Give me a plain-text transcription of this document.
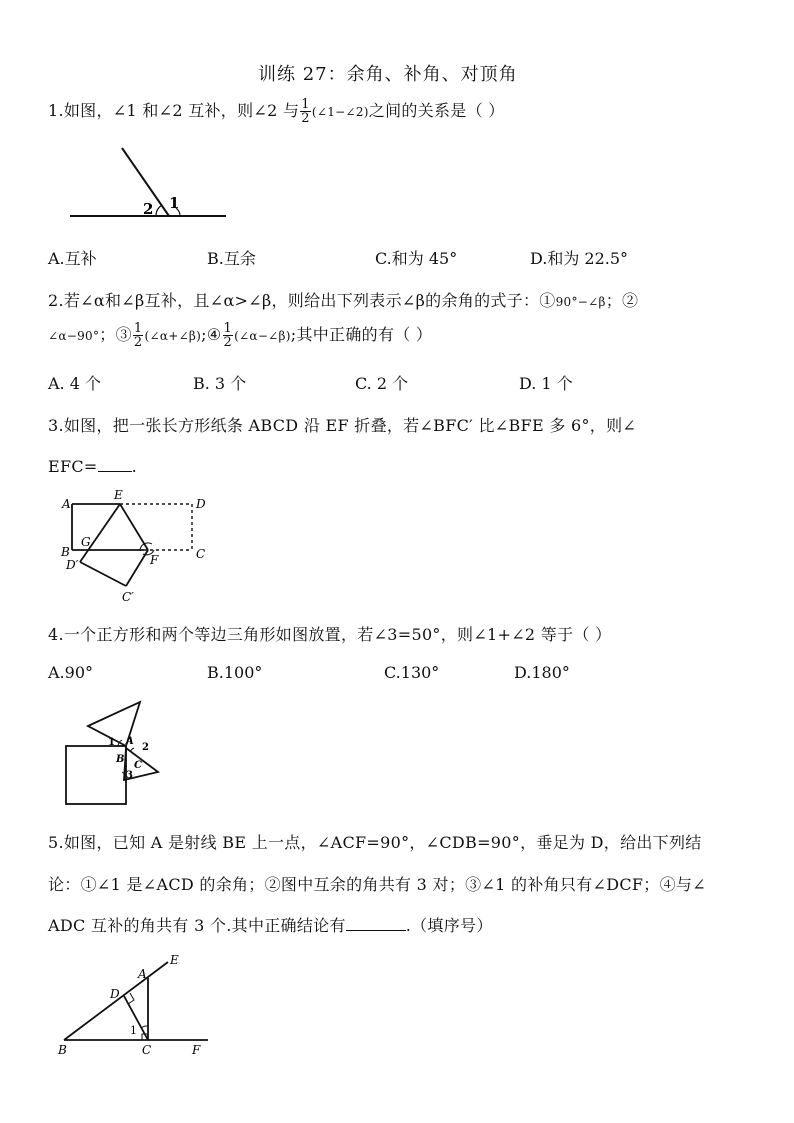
训练 27：余角、补角、对顶角
1.如图，∠1 和∠2 互补，则∠2 与 $\frac{1}{2}$ (∠1−∠2)之间的关系是（ ）
2 1
A.互补	B.互余	C.和为 45°	D.和为 22.5°
2.若∠α和∠β互补，且∠α>∠β，则给出下列表示∠β的余角的式子：①90°−∠β；②
∠α−90°；③ $\frac{1}{2}$ (∠α+∠β);④ $\frac{1}{2}$ (∠α−∠β);其中正确的有（ ）
A. 4 个	B. 3 个	C. 2 个	D. 1 个
3.如图，把一张长方形纸条 ABCD 沿 EF 折叠，若∠BFC′ 比∠BFE 多 6°，则∠
EFC= .
A
E
D
B
G
D′	F	C
C′
4.一个正方形和两个等边三角形如图放置，若∠3=50°，则∠1+∠2 等于（ ）
A.90°	B.100°	C.130°	D.180°
1 A
2
B
C
3
5.如图，已知 A 是射线 BE 上一点，∠ACF=90°，∠CDB=90°，垂足为 D，给出下列结
论：①∠1 是∠ACD 的余角；②图中互余的角共有 3 对；③∠1 的补角只有∠DCF；④与∠
ADC 互补的角共有 3 个.其中正确结论有	.（填序号）
E
A
D
1
B	C	F
